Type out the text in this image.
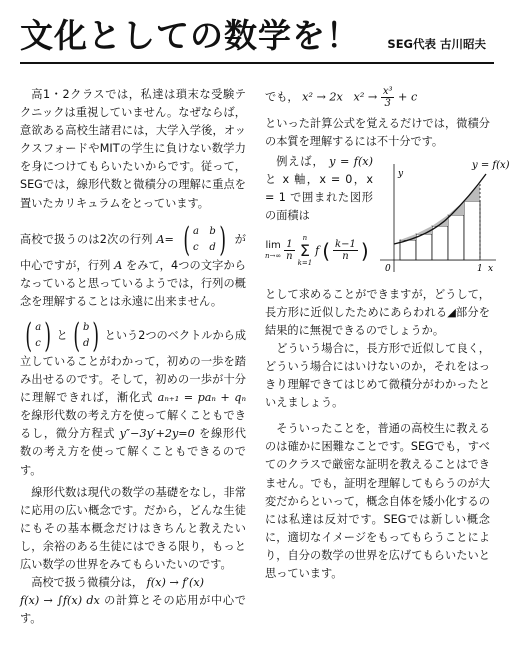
文化としての数学を！ SEG代表 古川昭夫

高1・2クラスでは，私達は瑣末な受験テクニックは重視していません。なぜならば，意欲ある高校生諸君には，大学入学後，オックスフォードやMITの学生に負けない数学力を身につけてもらいたいからです。従って，SEGでは，線形代数と微積分の理解に重点を置いたカリキュラムをとっています。

高校で扱うのは2次の行列 A= ( a b
c d ) が中心ですが，行列 A をみて，4つの文字からなっていると思っているようでは，行列の概念を理解することは永遠に出来ません。

( a
c ) と ( b
d ) という2つのベクトルから成立していることがわかって，初めの一歩を踏み出せるのです。そして，初めの一歩が十分に理解できれば，漸化式 aₙ₊₁ = paₙ + qₙ を線形代数の考え方を使って解くこともできるし，微分方程式 y″−3y′+2y=0 を線形代数の考え方を使って解くこともできるのです。

線形代数は現代の数学の基礎をなし，非常に応用の広い概念です。だから，どんな生徒にもその基本概念だけはきちんと教えたいし，余裕のある生徒にはできる限り，もっと広い数学の世界をみてもらいたいのです。

高校で扱う微積分は， f(x) → f′(x)
f(x) → ∫f(x) dx の計算とその応用が中心です。

でも， x² → 2x $x^2 \to \frac{\text{x³}}{3} + c$

といった計算公式を覚えるだけでは，微積分の本質を理解するには不十分です。

例えば， y = f(x) と x 軸，x = 0，x = 1 で囲まれた図形の面積は

lim
$n\to\infty \frac{1}{n}$
n
Σ
k=1
f ( $\frac{k-1}{n}$ )

として求めることができますが，どうして，長方形に近似したためにあらわれる◢部分を結果的に無視できるのでしょうか。

どういう場合に，長方形で近似して良く，どういう場合にはいけないのか，それをはっきり理解できてはじめて微積分がわかったといえましょう。

そういったことを，普通の高校生に教えるのは確かに困難なことです。SEGでも，すべてのクラスで厳密な証明を教えることはできません。でも，証明を理解してもらうのが大変だからといって，概念自体を矮小化するのには私達は反対です。SEGでは新しい概念に，適切なイメージをもってもらうことにより，自分の数学の世界を広げてもらいたいと思っています。

y = f(x)
y
x
0	1
